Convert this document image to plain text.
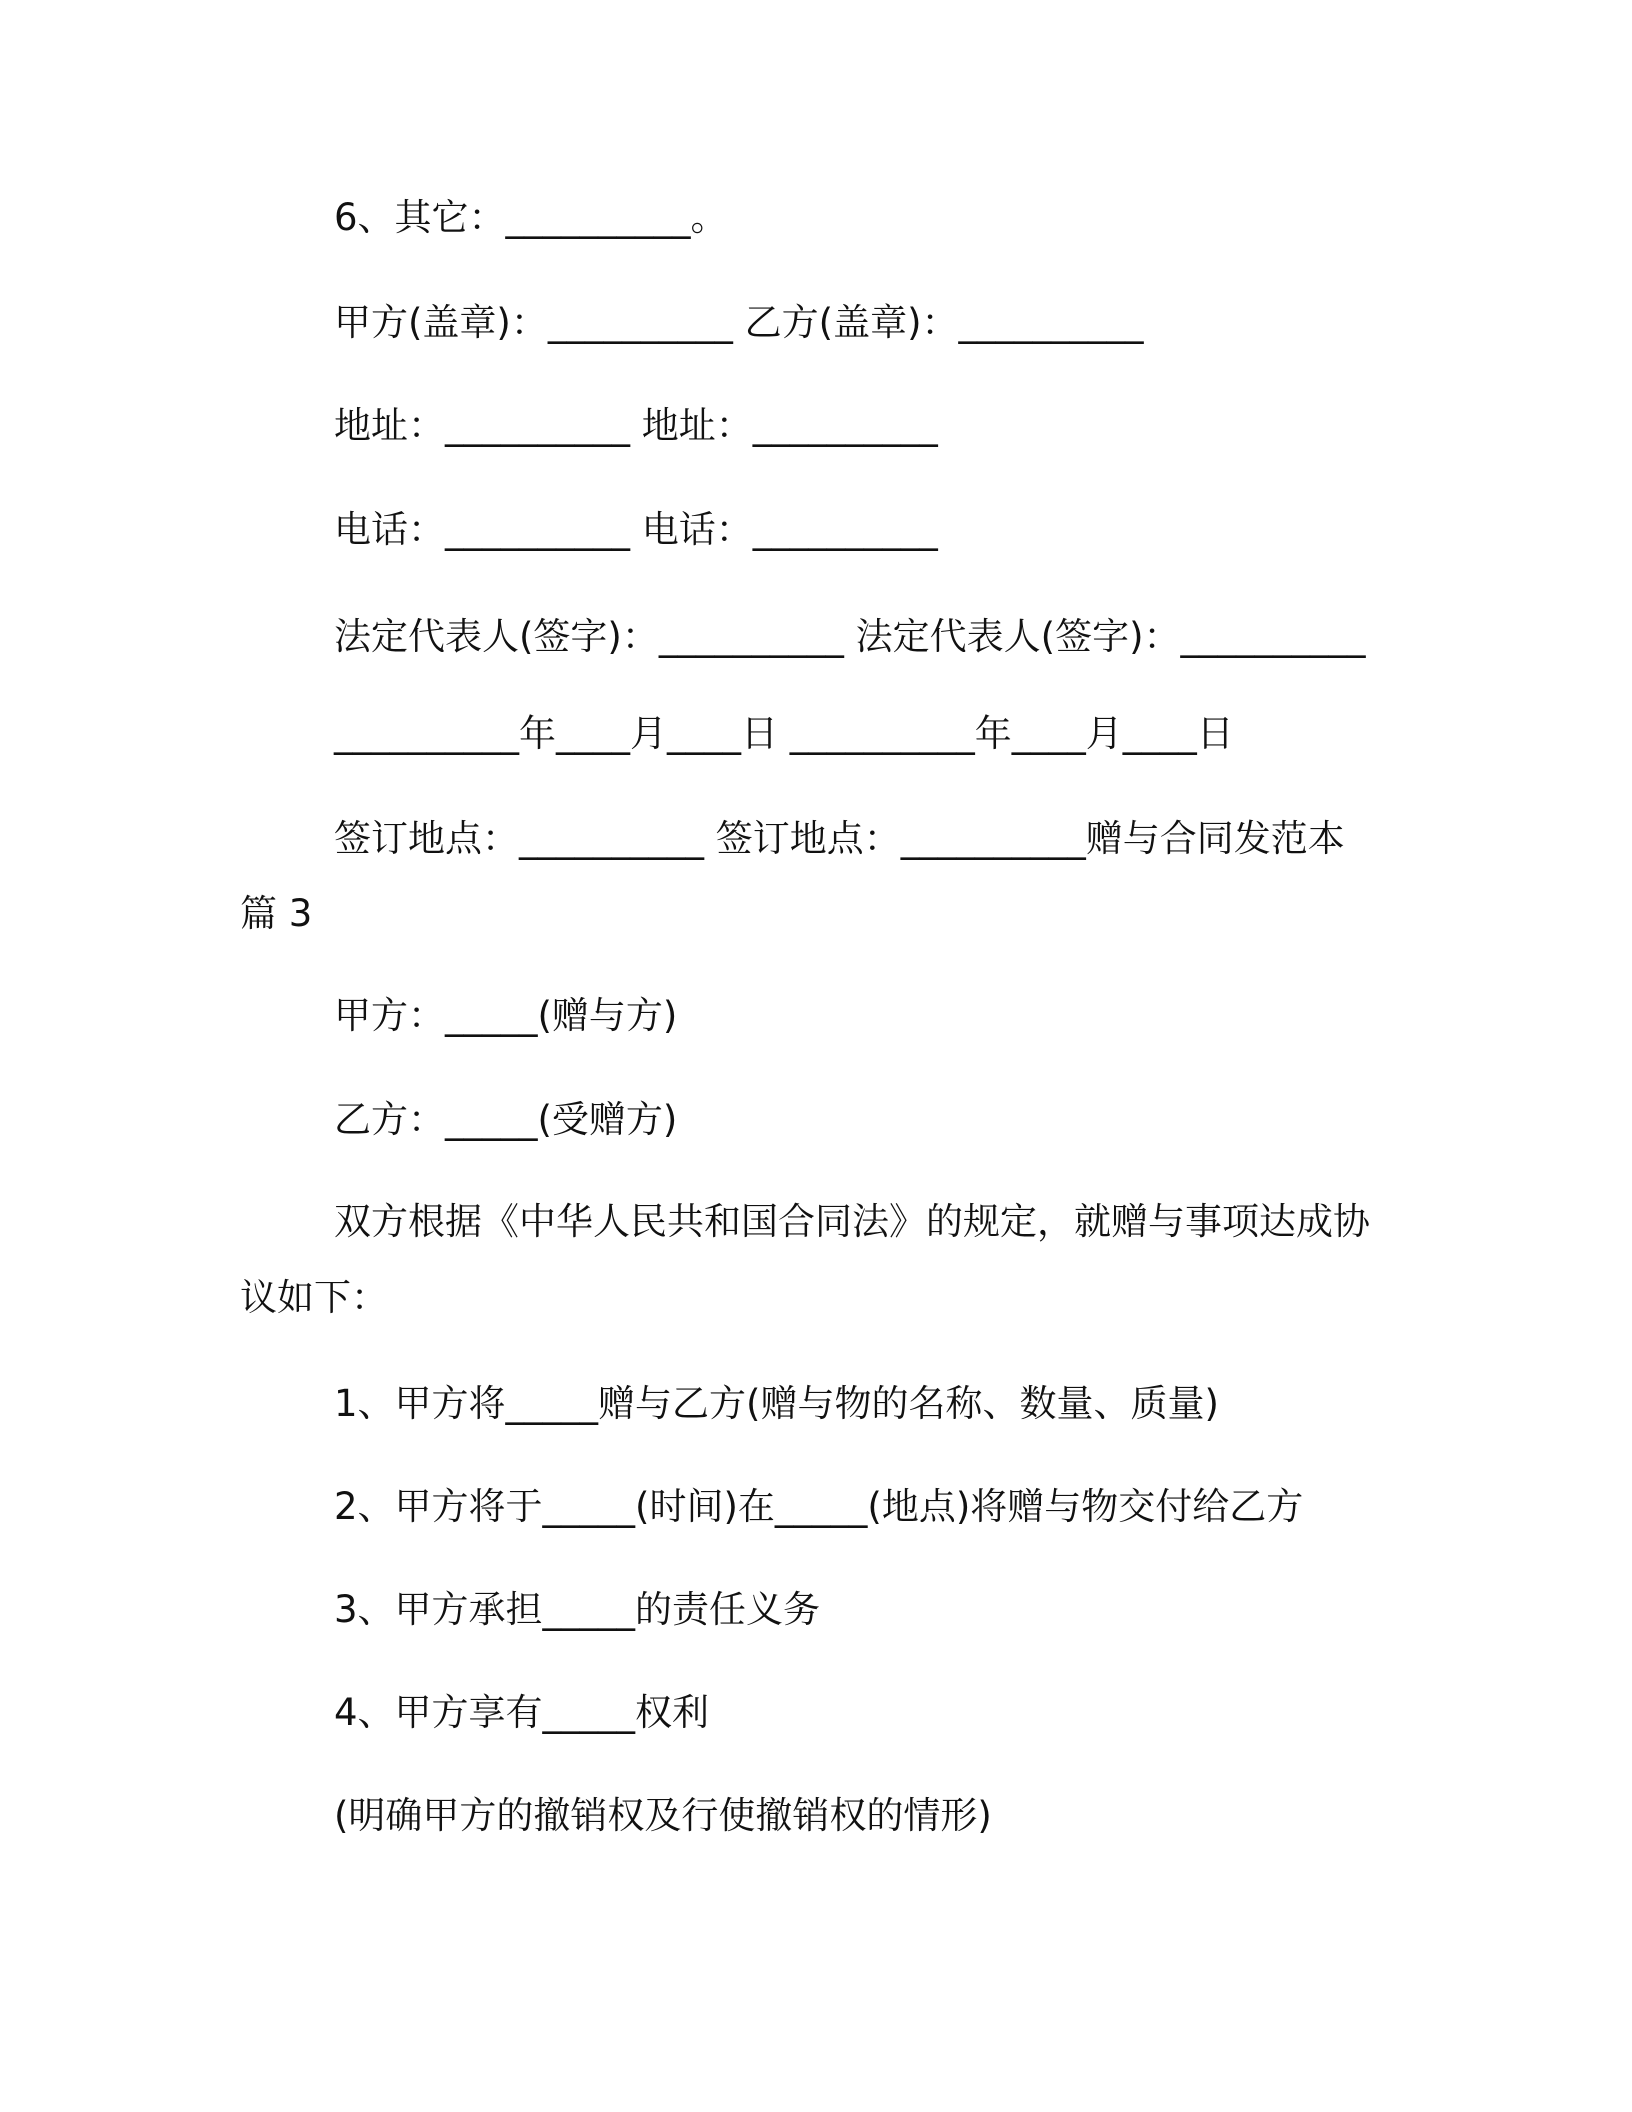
6、其它：__________。
甲方(盖章)：__________ 乙方(盖章)：__________
地址：__________ 地址：__________
电话：__________ 电话：__________
法定代表人(签字)：__________ 法定代表人(签字)：__________
__________年____月____日 __________年____月____日
签订地点：__________ 签订地点：__________赠与合同发范本
篇 3
甲方：_____(赠与方)
乙方：_____(受赠方)
双方根据《中华人民共和国合同法》的规定，就赠与事项达成协
议如下：
1、甲方将_____赠与乙方(赠与物的名称、数量、质量)
2、甲方将于_____(时间)在_____(地点)将赠与物交付给乙方
3、甲方承担_____的责任义务
4、甲方享有_____权利
(明确甲方的撤销权及行使撤销权的情形)
